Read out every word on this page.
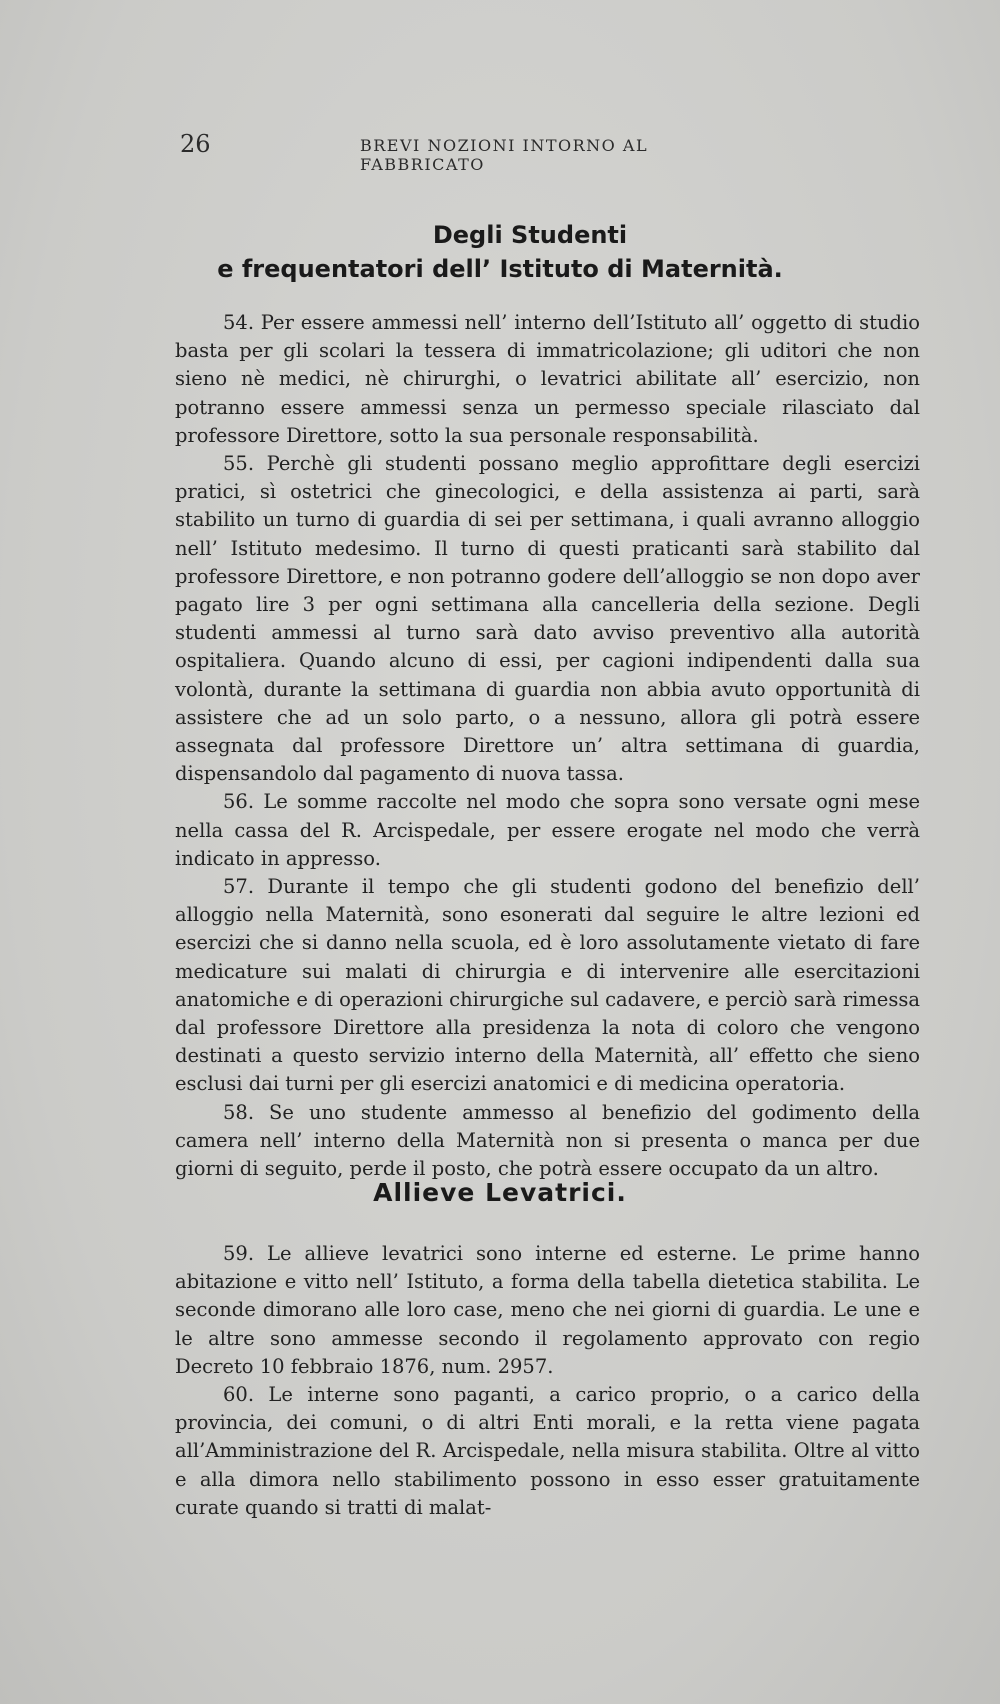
26	BREVI NOZIONI INTORNO AL FABBRICATO
Degli Studenti
e frequentatori dell’ Istituto di Maternità.

54. Per essere ammessi nell’ interno dell’Istituto all’ oggetto di studio basta per gli scolari la tessera di immatricolazione; gli uditori che non sieno nè medici, nè chirurghi, o levatrici abilitate all’ esercizio, non potranno essere ammessi senza un permesso speciale rilasciato dal professore Direttore, sotto la sua personale responsabilità.

55. Perchè gli studenti possano meglio approfittare degli esercizi pratici, sì ostetrici che ginecologici, e della assistenza ai parti, sarà stabilito un turno di guardia di sei per settimana, i quali avranno alloggio nell’ Istituto medesimo. Il turno di questi praticanti sarà stabilito dal professore Direttore, e non potranno godere dell’alloggio se non dopo aver pagato lire 3 per ogni settimana alla cancelleria della sezione. Degli studenti ammessi al turno sarà dato avviso preventivo alla autorità ospitaliera. Quando alcuno di essi, per cagioni indipendenti dalla sua volontà, durante la settimana di guardia non abbia avuto opportunità di assistere che ad un solo parto, o a nessuno, allora gli potrà essere assegnata dal professore Direttore un’ altra settimana di guardia, dispensandolo dal pagamento di nuova tassa.

56. Le somme raccolte nel modo che sopra sono versate ogni mese nella cassa del R. Arcispedale, per essere erogate nel modo che verrà indicato in appresso.

57. Durante il tempo che gli studenti godono del benefizio dell’ alloggio nella Maternità, sono esonerati dal seguire le altre lezioni ed esercizi che si danno nella scuola, ed è loro assolutamente vietato di fare medicature sui malati di chirurgia e di intervenire alle esercitazioni anatomiche e di operazioni chirurgiche sul cadavere, e perciò sarà rimessa dal professore Direttore alla presidenza la nota di coloro che vengono destinati a questo servizio interno della Maternità, all’ effetto che sieno esclusi dai turni per gli esercizi anatomici e di medicina operatoria.

58. Se uno studente ammesso al benefizio del godimento della camera nell’ interno della Maternità non si presenta o manca per due giorni di seguito, perde il posto, che potrà essere occupato da un altro.

Allieve Levatrici.

59. Le allieve levatrici sono interne ed esterne. Le prime hanno abitazione e vitto nell’ Istituto, a forma della tabella dietetica stabilita. Le seconde dimorano alle loro case, meno che nei giorni di guardia. Le une e le altre sono ammesse secondo il regolamento approvato con regio Decreto 10 febbraio 1876, num. 2957.

60. Le interne sono paganti, a carico proprio, o a carico della provincia, dei comuni, o di altri Enti morali, e la retta viene pagata all’Amministrazione del R. Arcispedale, nella misura stabilita. Oltre al vitto e alla dimora nello stabilimento possono in esso esser gratuitamente curate quando si tratti di malat-
